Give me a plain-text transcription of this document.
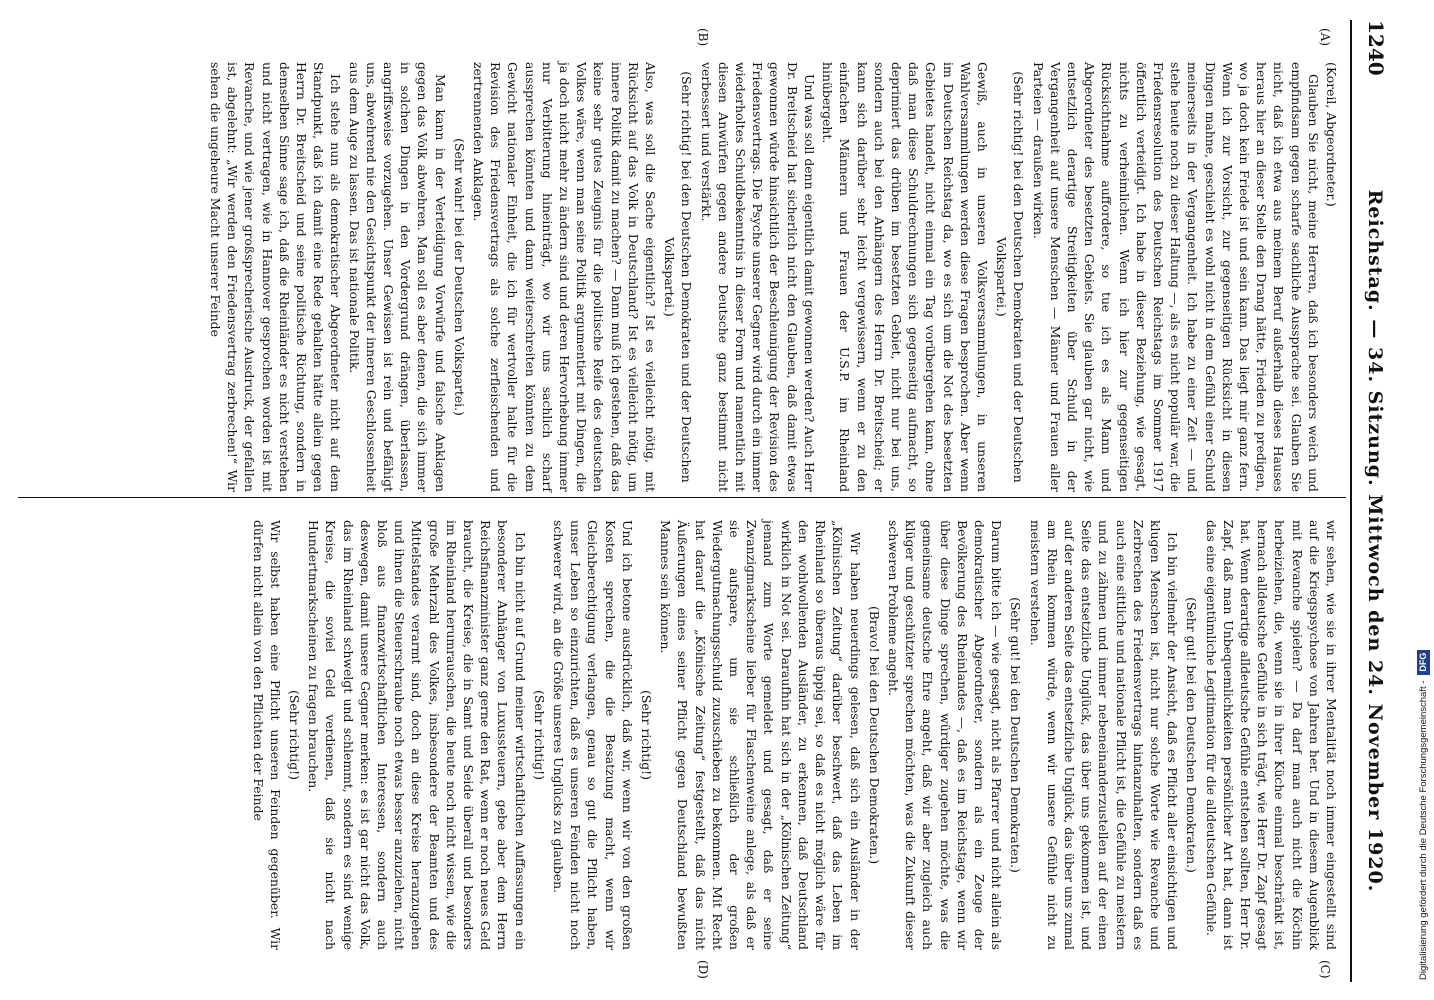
1240
Reichstag. — 34. Sitzung. Mittwoch den 24. November 1920.
(A)
(B)
(C)
(D)

(Koreil, Abgeordneter.)

Glauben Sie nicht, meine Herren, daß ich besonders weich und empfindsam gegen scharfe sachliche Aussprache sei. Glauben Sie nicht, daß ich etwa aus meinem Beruf außerhalb dieses Hauses heraus hier an dieser Stelle den Drang hätte, Frieden zu predigen, wo ja doch kein Friede ist und sein kann. Das liegt mir ganz fern. Wenn ich zur Vorsicht, zur gegenseitigen Rücksicht in diesen Dingen mahne, geschieht es wohl nicht in dem Gefühl einer Schuld meinerseits in der Vergangenheit. Ich habe zu einer Zeit — und stehe heute noch zu dieser Haltung —, als es nicht populär war, die Friedensresolution des Deutschen Reichstags im Sommer 1917 öffentlich verteidigt. Ich habe in dieser Beziehung, wie gesagt, nichts zu verheimlichen. Wenn ich hier zur gegenseitigen Rücksichtnahme auffordere, so tue ich es als Mann und Abgeordneter des besetzten Gebiets. Sie glauben gar nicht, wie entsetzlich derartige Streitigkeiten über Schuld in der Vergangenheit auf unsere Menschen — Männer und Frauen aller Parteien — draußen wirken.

(Sehr richtig! bei den Deutschen Demokraten und der Deutschen Volkspartei.)

Gewiß, auch in unseren Volksversammlungen, in unseren Wahlversammlungen werden diese Fragen besprochen. Aber wenn im Deutschen Reichstag da, wo es sich um die Not des besetzten Gebietes handelt, nicht einmal ein Tag vorübergehen kann, ohne daß man diese Schuldrechnungen sich gegenseitig aufmacht, so deprimiert das drüben im besetzten Gebiet, nicht nur bei uns, sondern auch bei den Anhängern des Herrn Dr. Breitscheid; er kann sich darüber sehr leicht vergewissern, wenn er zu den einfachen Männern und Frauen der U.S.P. im Rheinland hinübergeht.

Und was soll denn eigentlich damit gewonnen werden? Auch Herr Dr. Breitscheid hat sicherlich nicht den Glauben, daß damit etwas gewonnen würde hinsichtlich der Beschleunigung der Revision des Friedensvertrags. Die Psyche unserer Gegner wird durch ein immer wiederholtes Schuldbekenntnis in dieser Form und namentlich mit diesen Anwürfen gegen andere Deutsche ganz bestimmt nicht verbessert und verstärkt.

(Sehr richtig! bei den Deutschen Demokraten und der Deutschen Volkspartei.)

Also, was soll die Sache eigentlich? Ist es vielleicht nötig, mit Rücksicht auf das Volk in Deutschland? Ist es vielleicht nötig, um innere Politik damit zu machen? — Dann muß ich gestehen, daß das keine sehr gutes Zeugnis für die politische Reife des deutschen Volkes wäre, wenn man seine Politik argumentiert mit Dingen, die ja doch nicht mehr zu ändern sind und deren Hervorhebung immer nur Verbitterung hineinträgt, wo wir uns sachlich scharf aussprechen könnten und dann weiterschreiten könnten zu dem Gewicht nationaler Einheit, die ich für wertvoller halte für die Revision des Friedensvertrags als solche zerfleischenden und zertrennenden Anklagen.

(Sehr wahr! bei der Deutschen Volkspartei.)

Man kann in der Verteidigung Vorwürfe und falsche Anklagen gegen das Volk abwehren. Man soll es aber denen, die sich immer in solchen Dingen in den Vordergrund drängen, überlassen, angriffsweise vorzugehen. Unser Gewissen ist rein und befähigt uns, abwehrend nie den Gesichtspunkt der inneren Geschlossenheit aus dem Auge zu lassen. Das ist nationale Politik.

Ich stehe nun als demokratischer Abgeordneter nicht auf dem Standpunkt, daß ich damit eine Rede gehalten hätte allein gegen Herrn Dr. Breitscheid und seine politische Richtung, sondern in demselben Sinne sage ich, daß die Rheinländer es nicht verstehen und nicht vertragen, wie in Hannover gesprochen worden ist mit Revanche, und wie jener großsprecherische Ausdruck, der gefallen ist, abgelehnt: „Wir werden den Friedensvertrag zerbrechen!“ Wir sehen die ungeheure Macht unserer Feinde

wir sehen, wie sie in ihrer Mentalität noch immer eingestellt sind auf die Kriegspsychose von Jahren her. Und in diesem Augenblick mit Revanche spielen? — Da darf man auch nicht die Köchin herbeiziehen, die, wenn sie in ihrer Küche einmal beschränkt ist, hernach alldeutsche Gefühle in sich trägt, wie Herr Dr. Zapf gesagt hat. Wenn derartige alldeutsche Gefühle entstehen sollten, Herr Dr. Zapf, daß man Unbequemlichkeiten persönlicher Art hat, dann ist das eine eigentümliche Legitimation für die alldeutschen Gefühle.

(Sehr gut! bei den Deutschen Demokraten.)

Ich bin vielmehr der Ansicht, daß es Pflicht aller einsichtigen und klugen Menschen ist, nicht nur solche Worte wie Revanche und Zerbrechen des Friedensvertrags hintanzuhalten, sondern daß es auch eine sittliche und nationale Pflicht ist, die Gefühle zu meistern und zu zähmen und immer nebeneinanderzustellen auf der einen Seite das entsetzliche Unglück, das über uns gekommen ist, und auf der anderen Seite das entsetzliche Unglück, das über uns zumal am Rhein kommen würde, wenn wir unsere Gefühle nicht zu meistern verstehen.

(Sehr gut! bei den Deutschen Demokraten.)

Darum bitte ich — wie gesagt, nicht als Pfarrer und nicht allein als demokratischer Abgeordneter, sondern als ein Zeuge der Bevölkerung des Rheinlandes —, daß es im Reichstage, wenn wir über diese Dinge sprechen, würdiger zugehen möchte, was die gemeinsame deutsche Ehre angeht, daß wir aber zugleich auch klüger und geschützter sprechen möchten, was die Zukunft dieser schweren Probleme angeht.

(Bravo! bei den Deutschen Demokraten.)

Wir haben neuerdings gelesen, daß sich ein Ausländer in der „Kölnischen Zeitung“ darüber beschwert, daß das Leben im Rheinland so überaus üppig sei, so daß es nicht möglich wäre für den wohlwollenden Ausländer, zu erkennen, daß Deutschland wirklich in Not sei. Daraufhin hat sich in der „Kölnischen Zeitung“ jemand zum Worte gemeldet und gesagt, daß er seine Zwanzigmarkscheine lieber für Flaschenweine anlege, als daß er sie aufspare, um sie schließlich der großen Wiedergutmachungsschuld zuzuschieben zu bekommen. Mit Recht hat darauf die „Kölnische Zeitung“ festgestellt, daß das nicht Äußerungen eines seiner Pflicht gegen Deutschland bewußten Mannes sein können.

(Sehr richtig!)

Und ich betone ausdrücklich, daß wir, wenn wir von den großen Kosten sprechen, die die Besatzung macht, wenn wir Gleichberechtigung verlangen, genau so gut die Pflicht haben, unser Leben so einzurichten, daß es unseren Feinden nicht noch schwerer wird, an die Größe unseres Unglücks zu glauben.

(Sehr richtig!)

Ich bin nicht auf Grund meiner wirtschaftlichen Auffassungen ein besonderer Anhänger von Luxussteuern, gebe aber dem Herrn Reichsfinanzminister ganz gerne den Rat, wenn er noch neues Geld braucht, die Kreise, die in Samt und Seide überall und besonders im Rheinland herumrauschen, die heute noch nicht wissen, wie die große Mehrzahl des Volkes, insbesondere der Beamten und des Mittelstandes verarmt sind, doch an diese Kreise heranzugehen und ihnen die Steuerschraube noch etwas besser anzuziehen, nicht bloß aus finanzwirtschaftlichen Interessen, sondern auch deswegen, damit unsere Gegner merken: es ist gar nicht das Volk, das im Rheinland schwelgt und schlemmt, sondern es sind wenige Kreise, die soviel Geld verdienen, daß sie nicht nach Hundertmarkscheinen zu fragen brauchen.

(Sehr richtig!)

Wir selbst haben eine Pflicht unseren Feinden gegenüber. Wir dürfen nicht allein von den Pflichten der Feinde

Digitalisierung gefördert durch die Deutsche Forschungsgemeinschaft -DFG
